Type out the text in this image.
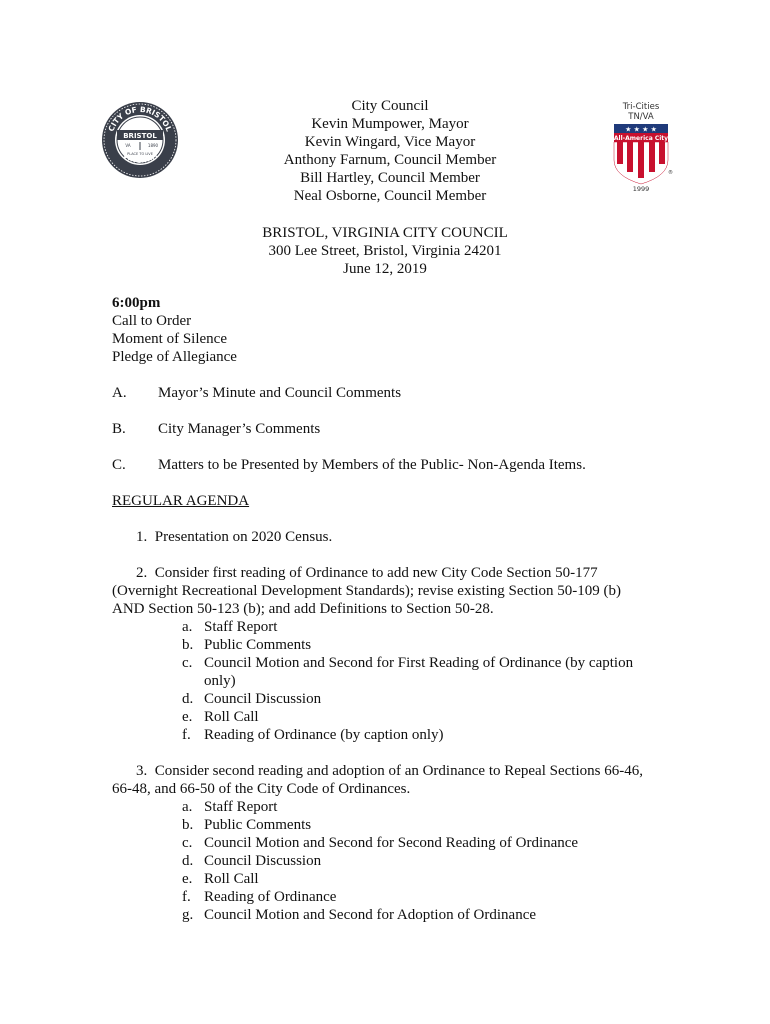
CITY OF BRISTOL
VIRGINIA
BRISTOL
VA	1890
PLACE TO LIVE
Tri-Cities
TN/VA
★ ★ ★ ★
All-America City
®
1999
City Council
Kevin Mumpower, Mayor
Kevin Wingard, Vice Mayor
Anthony Farnum, Council Member
Bill Hartley, Council Member
Neal Osborne, Council Member
BRISTOL, VIRGINIA CITY COUNCIL
300 Lee Street, Bristol, Virginia 24201
June 12, 2019
6:00pm
Call to Order
Moment of Silence
Pledge of Allegiance
A.	Mayor’s Minute and Council Comments
B.	City Manager’s Comments
C.	Matters to be Presented by Members of the Public- Non-Agenda Items.
REGULAR AGENDA
1. Presentation on 2020 Census.
2. Consider first reading of Ordinance to add new City Code Section 50-177
(Overnight Recreational Development Standards); revise existing Section 50-109 (b)
AND Section 50-123 (b); and add Definitions to Section 50-28.
a. Staff Report
b. Public Comments
c. Council Motion and Second for First Reading of Ordinance (by caption only)
d. Council Discussion
e. Roll Call
f. Reading of Ordinance (by caption only)
3. Consider second reading and adoption of an Ordinance to Repeal Sections 66-46,
66-48, and 66-50 of the City Code of Ordinances.
a. Staff Report
b. Public Comments
c. Council Motion and Second for Second Reading of Ordinance
d. Council Discussion
e. Roll Call
f. Reading of Ordinance
g. Council Motion and Second for Adoption of Ordinance
